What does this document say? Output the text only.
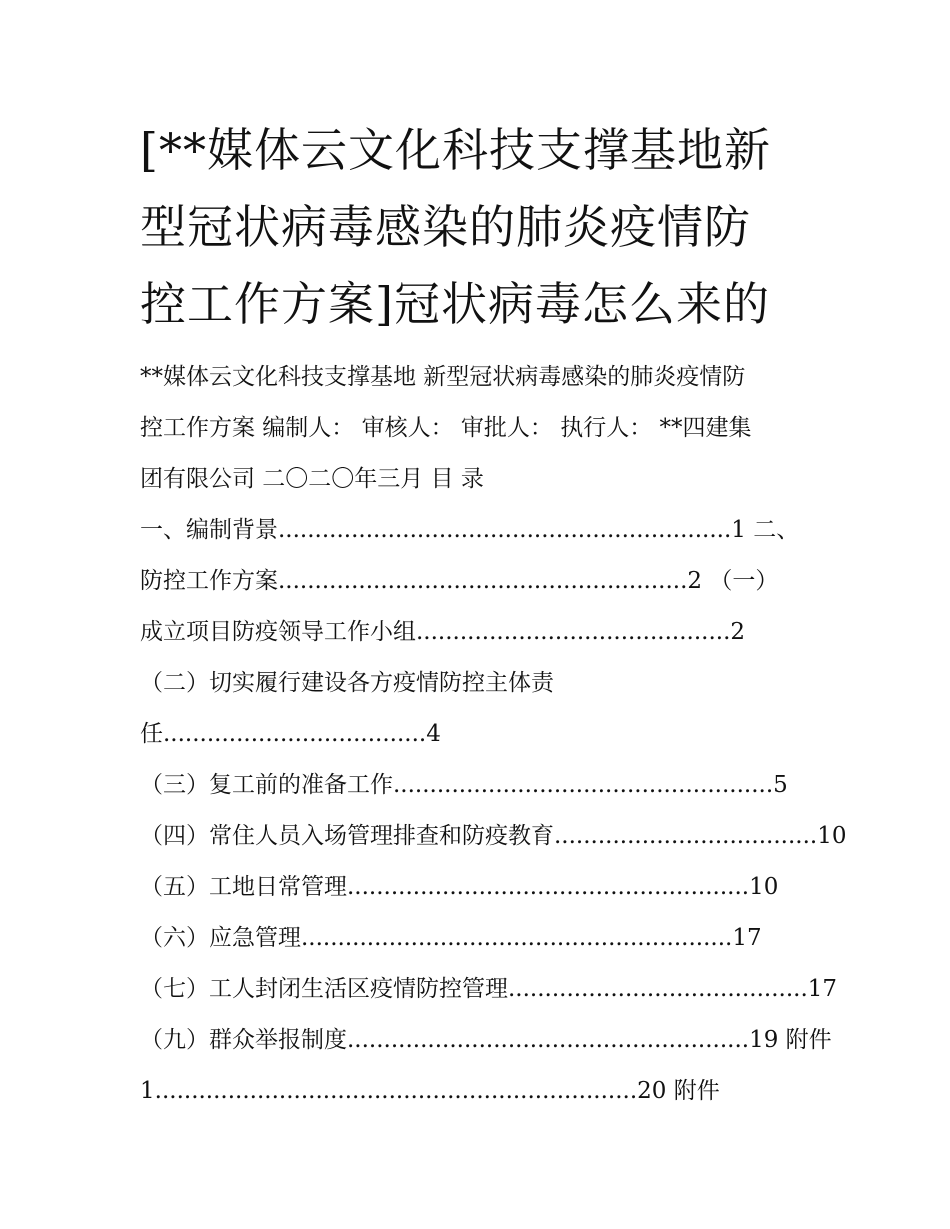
[**媒体云文化科技支撑基地新
型冠状病毒感染的肺炎疫情防
控工作方案]冠状病毒怎么来的
**媒体云文化科技支撑基地 新型冠状病毒感染的肺炎疫情防
控工作方案 编制人： 审核人： 审批人： 执行人： **四建集
团有限公司 二〇二〇年三月 目 录
一、编制背景..............................................................1 二、
防控工作方案........................................................2 （一）
成立项目防疫领导工作小组...........................................2
（二）切实履行建设各方疫情防控主体责
任....................................4
（三）复工前的准备工作....................................................5
（四）常住人员入场管理排查和防疫教育....................................10
（五）工地日常管理.......................................................10
（六）应急管理...........................................................17
（七）工人封闭生活区疫情防控管理.........................................17
（九）群众举报制度.......................................................19 附件
1..................................................................20 附件
